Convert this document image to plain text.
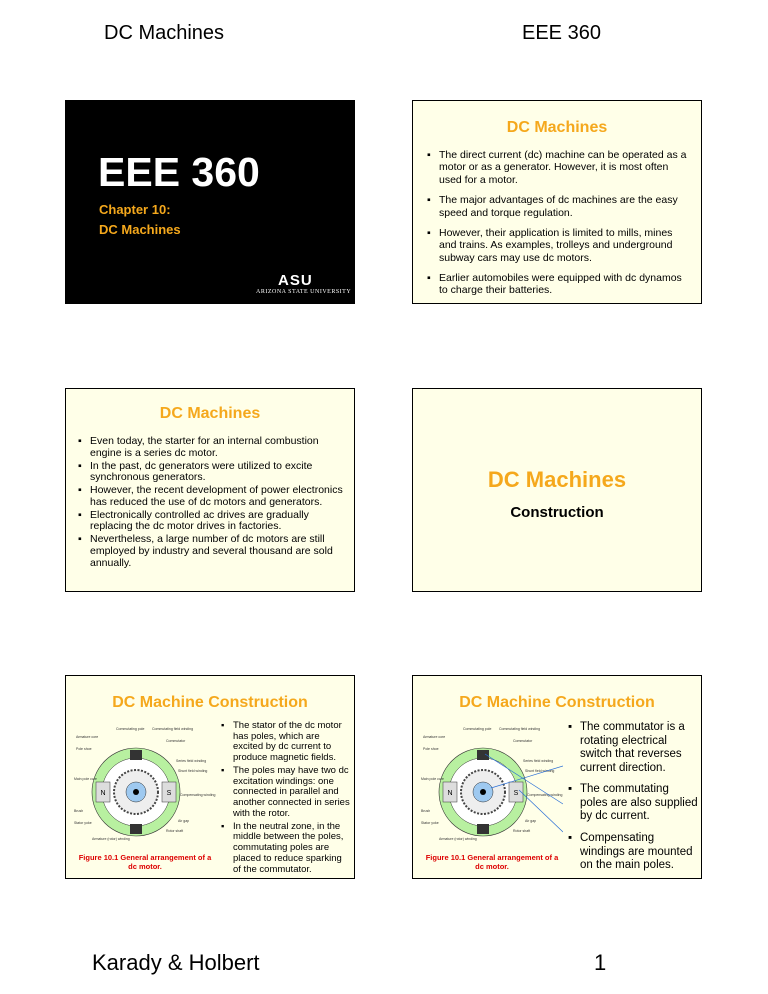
DC Machines	EEE 360
EEE 360
Chapter 10:
DC Machines
ASU
ARIZONA STATE UNIVERSITY
DC Machines
▪ The direct current (dc) machine can be operated as a motor or as a generator. However, it is most often used for a motor.
▪ The major advantages of dc machines are the easy speed and torque regulation.
▪ However, their application is limited to mills, mines and trains. As examples, trolleys and underground subway cars may use dc motors.
▪ Earlier automobiles were equipped with dc dynamos to charge their batteries.
DC Machines
▪ Even today, the starter for an internal combustion engine is a series dc motor.
▪ In the past, dc generators were utilized to excite synchronous generators.
▪ However, the recent development of power electronics has reduced the use of dc motors and generators.
▪ Electronically controlled ac drives are gradually replacing the dc motor drives in factories.
▪ Nevertheless, a large number of dc motors are still employed by industry and several thousand are sold annually.
DC Machines
Construction
DC Machine Construction
N	S
Armature core
Commutating pole Commutating field winding
Commutator
Pole shoe
Series field winding
Shunt field winding
Main pole core
Compensating winding
Brush
Stator yoke	Air gap
Rotor shaft
Armature (rotor) winding
Figure 10.1 General arrangement of a dc motor.
▪ The stator of the dc motor has poles, which are excited by dc current to produce magnetic fields.
▪ The poles may have two dc excitation windings: one connected in parallel and another connected in series with the rotor.
▪ In the neutral zone, in the middle between the poles, commutating poles are placed to reduce sparking of the commutator.
DC Machine Construction
N	S
Armature core
Commutating pole Commutating field winding
Commutator
Pole shoe
Series field winding
Shunt field winding
Main pole core
Compensating winding
Brush
Stator yoke	Air gap
Rotor shaft
Armature (rotor) winding
Figure 10.1 General arrangement of a dc motor.
▪ The commutator is a rotating electrical switch that reverses current direction.
▪ The commutating poles are also supplied by dc current.
▪ Compensating windings are mounted on the main poles.
Karady & Holbert	1
